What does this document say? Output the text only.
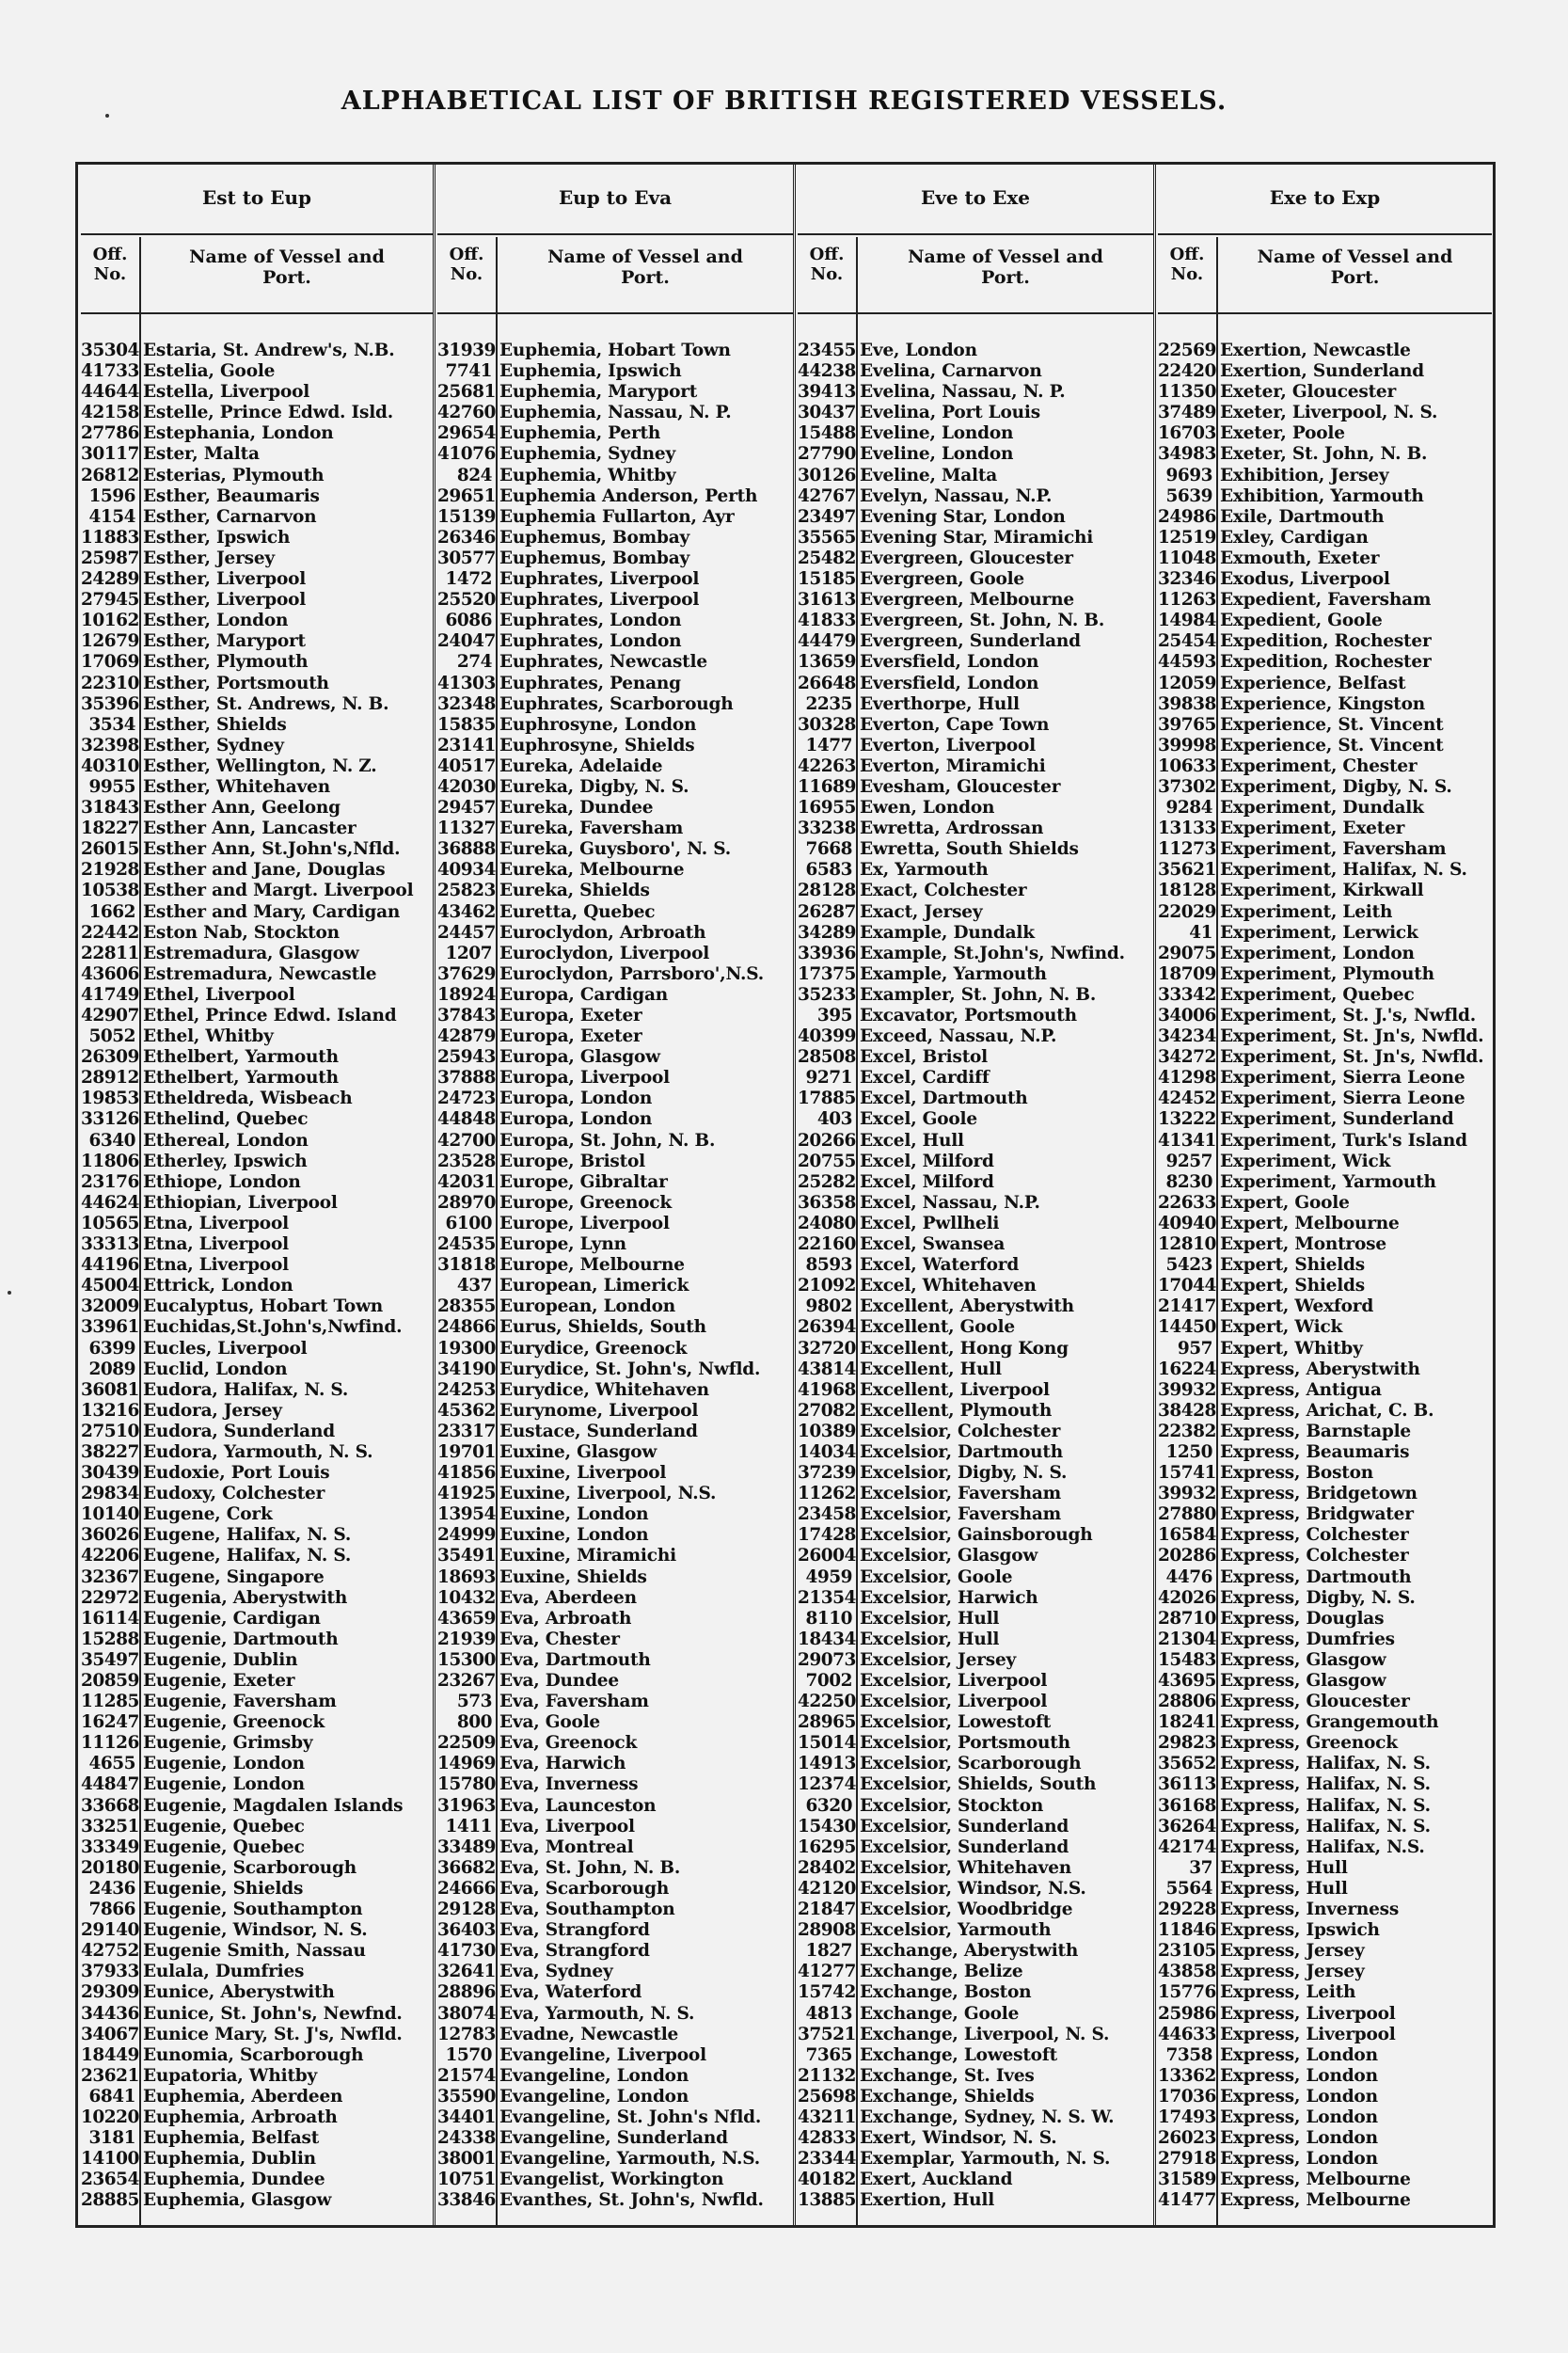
ALPHABETICAL LIST OF BRITISH REGISTERED VESSELS.
Est to Eup
Off. No.
Name of Vessel and Port.
35304 Estaria, St. Andrew's, N.B.
41733 Estelia, Goole
44644 Estella, Liverpool
42158 Estelle, Prince Edwd. Isld.
27786 Estephania, London
30117 Ester, Malta
26812 Esterias, Plymouth
1596 Esther, Beaumaris
4154 Esther, Carnarvon
11883 Esther, Ipswich
25987 Esther, Jersey
24289 Esther, Liverpool
27945 Esther, Liverpool
10162 Esther, London
12679 Esther, Maryport
17069 Esther, Plymouth
22310 Esther, Portsmouth
35396 Esther, St. Andrews, N. B.
3534 Esther, Shields
32398 Esther, Sydney
40310 Esther, Wellington, N. Z.
9955 Esther, Whitehaven
31843 Esther Ann, Geelong
18227 Esther Ann, Lancaster
26015 Esther Ann, St.John's,Nfld.
21928 Esther and Jane, Douglas
10538 Esther and Margt. Liverpool
1662 Esther and Mary, Cardigan
22442 Eston Nab, Stockton
22811 Estremadura, Glasgow
43606 Estremadura, Newcastle
41749 Ethel, Liverpool
42907 Ethel, Prince Edwd. Island
5052 Ethel, Whitby
26309 Ethelbert, Yarmouth
28912 Ethelbert, Yarmouth
19853 Etheldreda, Wisbeach
33126 Ethelind, Quebec
6340 Ethereal, London
11806 Etherley, Ipswich
23176 Ethiope, London
44624 Ethiopian, Liverpool
10565 Etna, Liverpool
33313 Etna, Liverpool
44196 Etna, Liverpool
45004 Ettrick, London
32009 Eucalyptus, Hobart Town
33961 Euchidas,St.John's,Nwfind.
6399 Eucles, Liverpool
2089 Euclid, London
36081 Eudora, Halifax, N. S.
13216 Eudora, Jersey
27510 Eudora, Sunderland
38227 Eudora, Yarmouth, N. S.
30439 Eudoxie, Port Louis
29834 Eudoxy, Colchester
10140 Eugene, Cork
36026 Eugene, Halifax, N. S.
42206 Eugene, Halifax, N. S.
32367 Eugene, Singapore
22972 Eugenia, Aberystwith
16114 Eugenie, Cardigan
15288 Eugenie, Dartmouth
35497 Eugenie, Dublin
20859 Eugenie, Exeter
11285 Eugenie, Faversham
16247 Eugenie, Greenock
11126 Eugenie, Grimsby
4655 Eugenie, London
44847 Eugenie, London
33668 Eugenie, Magdalen Islands
33251 Eugenie, Quebec
33349 Eugenie, Quebec
20180 Eugenie, Scarborough
2436 Eugenie, Shields
7866 Eugenie, Southampton
29140 Eugenie, Windsor, N. S.
42752 Eugenie Smith, Nassau
37933 Eulala, Dumfries
29309 Eunice, Aberystwith
34436 Eunice, St. John's, Newfnd.
34067 Eunice Mary, St. J's, Nwfld.
18449 Eunomia, Scarborough
23621 Eupatoria, Whitby
6841 Euphemia, Aberdeen
10220 Euphemia, Arbroath
3181 Euphemia, Belfast
14100 Euphemia, Dublin
23654 Euphemia, Dundee
28885 Euphemia, Glasgow
Eup to Eva
Off. No.
Name of Vessel and Port.
31939 Euphemia, Hobart Town
7741 Euphemia, Ipswich
25681 Euphemia, Maryport
42760 Euphemia, Nassau, N. P.
29654 Euphemia, Perth
41076 Euphemia, Sydney
824 Euphemia, Whitby
29651 Euphemia Anderson, Perth
15139 Euphemia Fullarton, Ayr
26346 Euphemus, Bombay
30577 Euphemus, Bombay
1472 Euphrates, Liverpool
25520 Euphrates, Liverpool
6086 Euphrates, London
24047 Euphrates, London
274 Euphrates, Newcastle
41303 Euphrates, Penang
32348 Euphrates, Scarborough
15835 Euphrosyne, London
23141 Euphrosyne, Shields
40517 Eureka, Adelaide
42030 Eureka, Digby, N. S.
29457 Eureka, Dundee
11327 Eureka, Faversham
36888 Eureka, Guysboro', N. S.
40934 Eureka, Melbourne
25823 Eureka, Shields
43462 Euretta, Quebec
24457 Euroclydon, Arbroath
1207 Euroclydon, Liverpool
37629 Euroclydon, Parrsboro',N.S.
18924 Europa, Cardigan
37843 Europa, Exeter
42879 Europa, Exeter
25943 Europa, Glasgow
37888 Europa, Liverpool
24723 Europa, London
44848 Europa, London
42700 Europa, St. John, N. B.
23528 Europe, Bristol
42031 Europe, Gibraltar
28970 Europe, Greenock
6100 Europe, Liverpool
24535 Europe, Lynn
31818 Europe, Melbourne
437 European, Limerick
28355 European, London
24866 Eurus, Shields, South
19300 Eurydice, Greenock
34190 Eurydice, St. John's, Nwfld.
24253 Eurydice, Whitehaven
45362 Eurynome, Liverpool
23317 Eustace, Sunderland
19701 Euxine, Glasgow
41856 Euxine, Liverpool
41925 Euxine, Liverpool, N.S.
13954 Euxine, London
24999 Euxine, London
35491 Euxine, Miramichi
18693 Euxine, Shields
10432 Eva, Aberdeen
43659 Eva, Arbroath
21939 Eva, Chester
15300 Eva, Dartmouth
23267 Eva, Dundee
573 Eva, Faversham
800 Eva, Goole
22509 Eva, Greenock
14969 Eva, Harwich
15780 Eva, Inverness
31963 Eva, Launceston
1411 Eva, Liverpool
33489 Eva, Montreal
36682 Eva, St. John, N. B.
24666 Eva, Scarborough
29128 Eva, Southampton
36403 Eva, Strangford
41730 Eva, Strangford
32641 Eva, Sydney
28896 Eva, Waterford
38074 Eva, Yarmouth, N. S.
12783 Evadne, Newcastle
1570 Evangeline, Liverpool
21574 Evangeline, London
35590 Evangeline, London
34401 Evangeline, St. John's Nfld.
24338 Evangeline, Sunderland
38001 Evangeline, Yarmouth, N.S.
10751 Evangelist, Workington
33846 Evanthes, St. John's, Nwfld.
Eve to Exe
Off. No.
Name of Vessel and Port.
23455 Eve, London
44238 Evelina, Carnarvon
39413 Evelina, Nassau, N. P.
30437 Evelina, Port Louis
15488 Eveline, London
27790 Eveline, London
30126 Eveline, Malta
42767 Evelyn, Nassau, N.P.
23497 Evening Star, London
35565 Evening Star, Miramichi
25482 Evergreen, Gloucester
15185 Evergreen, Goole
31613 Evergreen, Melbourne
41833 Evergreen, St. John, N. B.
44479 Evergreen, Sunderland
13659 Eversfield, London
26648 Eversfield, London
2235 Everthorpe, Hull
30328 Everton, Cape Town
1477 Everton, Liverpool
42263 Everton, Miramichi
11689 Evesham, Gloucester
16955 Ewen, London
33238 Ewretta, Ardrossan
7668 Ewretta, South Shields
6583 Ex, Yarmouth
28128 Exact, Colchester
26287 Exact, Jersey
34289 Example, Dundalk
33936 Example, St.John's, Nwfind.
17375 Example, Yarmouth
35233 Exampler, St. John, N. B.
395 Excavator, Portsmouth
40399 Exceed, Nassau, N.P.
28508 Excel, Bristol
9271 Excel, Cardiff
17885 Excel, Dartmouth
403 Excel, Goole
20266 Excel, Hull
20755 Excel, Milford
25282 Excel, Milford
36358 Excel, Nassau, N.P.
24080 Excel, Pwllheli
22160 Excel, Swansea
8593 Excel, Waterford
21092 Excel, Whitehaven
9802 Excellent, Aberystwith
26394 Excellent, Goole
32720 Excellent, Hong Kong
43814 Excellent, Hull
41968 Excellent, Liverpool
27082 Excellent, Plymouth
10389 Excelsior, Colchester
14034 Excelsior, Dartmouth
37239 Excelsior, Digby, N. S.
11262 Excelsior, Faversham
23458 Excelsior, Faversham
17428 Excelsior, Gainsborough
26004 Excelsior, Glasgow
4959 Excelsior, Goole
21354 Excelsior, Harwich
8110 Excelsior, Hull
18434 Excelsior, Hull
29073 Excelsior, Jersey
7002 Excelsior, Liverpool
42250 Excelsior, Liverpool
28965 Excelsior, Lowestoft
15014 Excelsior, Portsmouth
14913 Excelsior, Scarborough
12374 Excelsior, Shields, South
6320 Excelsior, Stockton
15430 Excelsior, Sunderland
16295 Excelsior, Sunderland
28402 Excelsior, Whitehaven
42120 Excelsior, Windsor, N.S.
21847 Excelsior, Woodbridge
28908 Excelsior, Yarmouth
1827 Exchange, Aberystwith
41277 Exchange, Belize
15742 Exchange, Boston
4813 Exchange, Goole
37521 Exchange, Liverpool, N. S.
7365 Exchange, Lowestoft
21132 Exchange, St. Ives
25698 Exchange, Shields
43211 Exchange, Sydney, N. S. W.
42833 Exert, Windsor, N. S.
23344 Exemplar, Yarmouth, N. S.
40182 Exert, Auckland
13885 Exertion, Hull
Exe to Exp
Off. No.
Name of Vessel and Port.
22569 Exertion, Newcastle
22420 Exertion, Sunderland
11350 Exeter, Gloucester
37489 Exeter, Liverpool, N. S.
16703 Exeter, Poole
34983 Exeter, St. John, N. B.
9693 Exhibition, Jersey
5639 Exhibition, Yarmouth
24986 Exile, Dartmouth
12519 Exley, Cardigan
11048 Exmouth, Exeter
32346 Exodus, Liverpool
11263 Expedient, Faversham
14984 Expedient, Goole
25454 Expedition, Rochester
44593 Expedition, Rochester
12059 Experience, Belfast
39838 Experience, Kingston
39765 Experience, St. Vincent
39998 Experience, St. Vincent
10633 Experiment, Chester
37302 Experiment, Digby, N. S.
9284 Experiment, Dundalk
13133 Experiment, Exeter
11273 Experiment, Faversham
35621 Experiment, Halifax, N. S.
18128 Experiment, Kirkwall
22029 Experiment, Leith
41 Experiment, Lerwick
29075 Experiment, London
18709 Experiment, Plymouth
33342 Experiment, Quebec
34006 Experiment, St. J.'s, Nwfld.
34234 Experiment, St. Jn's, Nwfld.
34272 Experiment, St. Jn's, Nwfld.
41298 Experiment, Sierra Leone
42452 Experiment, Sierra Leone
13222 Experiment, Sunderland
41341 Experiment, Turk's Island
9257 Experiment, Wick
8230 Experiment, Yarmouth
22633 Expert, Goole
40940 Expert, Melbourne
12810 Expert, Montrose
5423 Expert, Shields
17044 Expert, Shields
21417 Expert, Wexford
14450 Expert, Wick
957 Expert, Whitby
16224 Express, Aberystwith
39932 Express, Antigua
38428 Express, Arichat, C. B.
22382 Express, Barnstaple
1250 Express, Beaumaris
15741 Express, Boston
39932 Express, Bridgetown
27880 Express, Bridgwater
16584 Express, Colchester
20286 Express, Colchester
4476 Express, Dartmouth
42026 Express, Digby, N. S.
28710 Express, Douglas
21304 Express, Dumfries
15483 Express, Glasgow
43695 Express, Glasgow
28806 Express, Gloucester
18241 Express, Grangemouth
29823 Express, Greenock
35652 Express, Halifax, N. S.
36113 Express, Halifax, N. S.
36168 Express, Halifax, N. S.
36264 Express, Halifax, N. S.
42174 Express, Halifax, N.S.
37 Express, Hull
5564 Express, Hull
29228 Express, Inverness
11846 Express, Ipswich
23105 Express, Jersey
43858 Express, Jersey
15776 Express, Leith
25986 Express, Liverpool
44633 Express, Liverpool
7358 Express, London
13362 Express, London
17036 Express, London
17493 Express, London
26023 Express, London
27918 Express, London
31589 Express, Melbourne
41477 Express, Melbourne
